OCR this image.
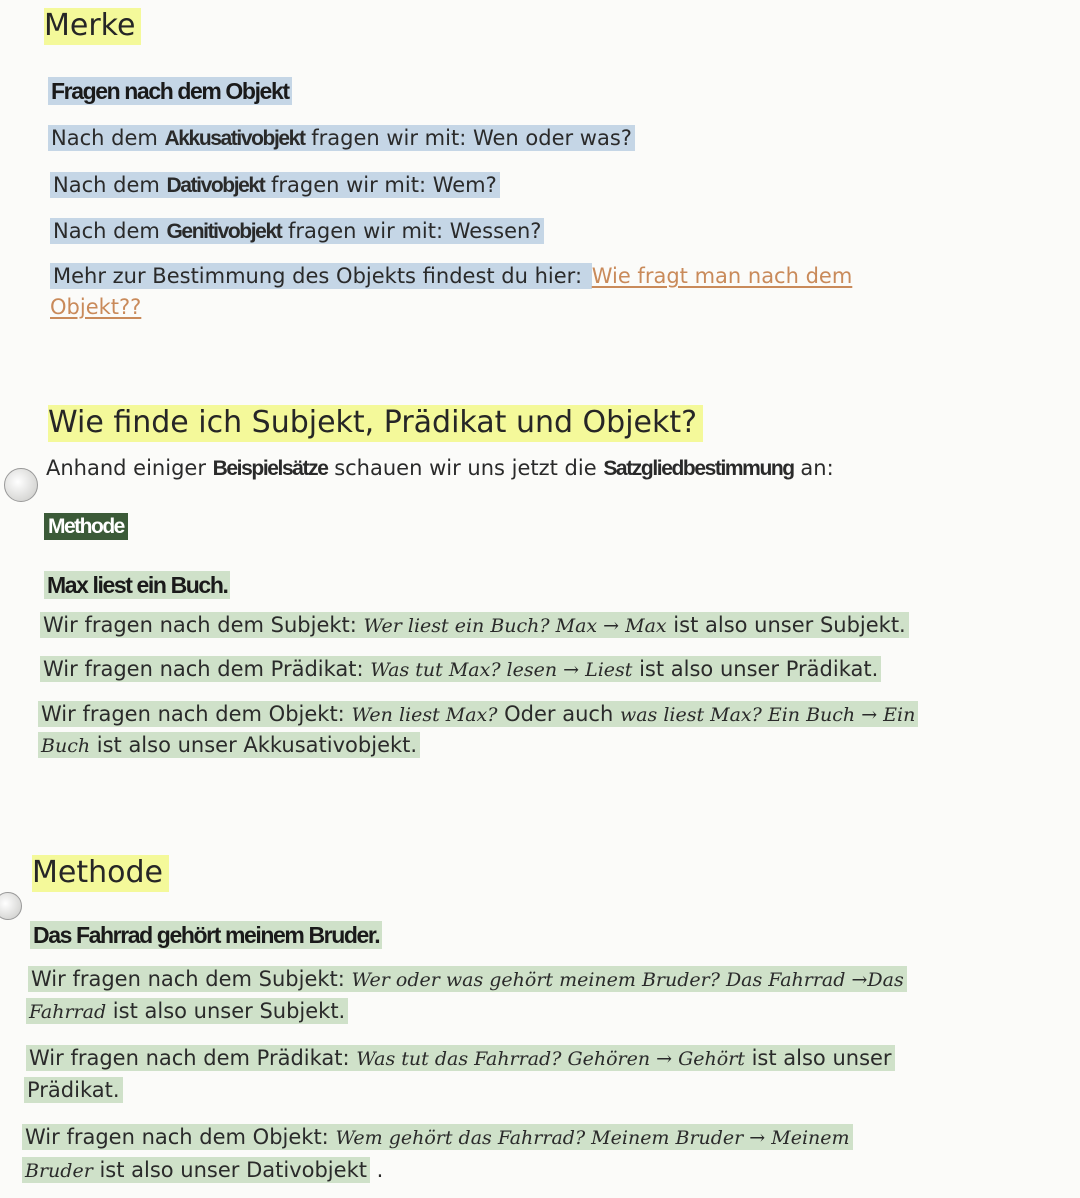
Merke
Fragen nach dem Objekt
Nach dem Akkusativobjekt fragen wir mit: Wen oder was?
Nach dem Dativobjekt fragen wir mit: Wem?
Nach dem Genitivobjekt fragen wir mit: Wessen?
Mehr zur Bestimmung des Objekts findest du hier: Wie fragt man nach dem
Objekt??
Wie finde ich Subjekt, Prädikat und Objekt?
Anhand einiger Beispielsätze schauen wir uns jetzt die Satzgliedbestimmung an:
Methode
Max liest ein Buch.
Wir fragen nach dem Subjekt: Wer liest ein Buch? Max → Max ist also unser Subjekt.
Wir fragen nach dem Prädikat: Was tut Max? lesen → Liest ist also unser Prädikat.
Wir fragen nach dem Objekt: Wen liest Max? Oder auch was liest Max? Ein Buch → Ein
Buch ist also unser Akkusativobjekt.
Methode
Das Fahrrad gehört meinem Bruder.
Wir fragen nach dem Subjekt: Wer oder was gehört meinem Bruder? Das Fahrrad →Das
Fahrrad ist also unser Subjekt.
Wir fragen nach dem Prädikat: Was tut das Fahrrad? Gehören → Gehört ist also unser
Prädikat.
Wir fragen nach dem Objekt: Wem gehört das Fahrrad? Meinem Bruder → Meinem
Bruder ist also unser Dativobjekt .
